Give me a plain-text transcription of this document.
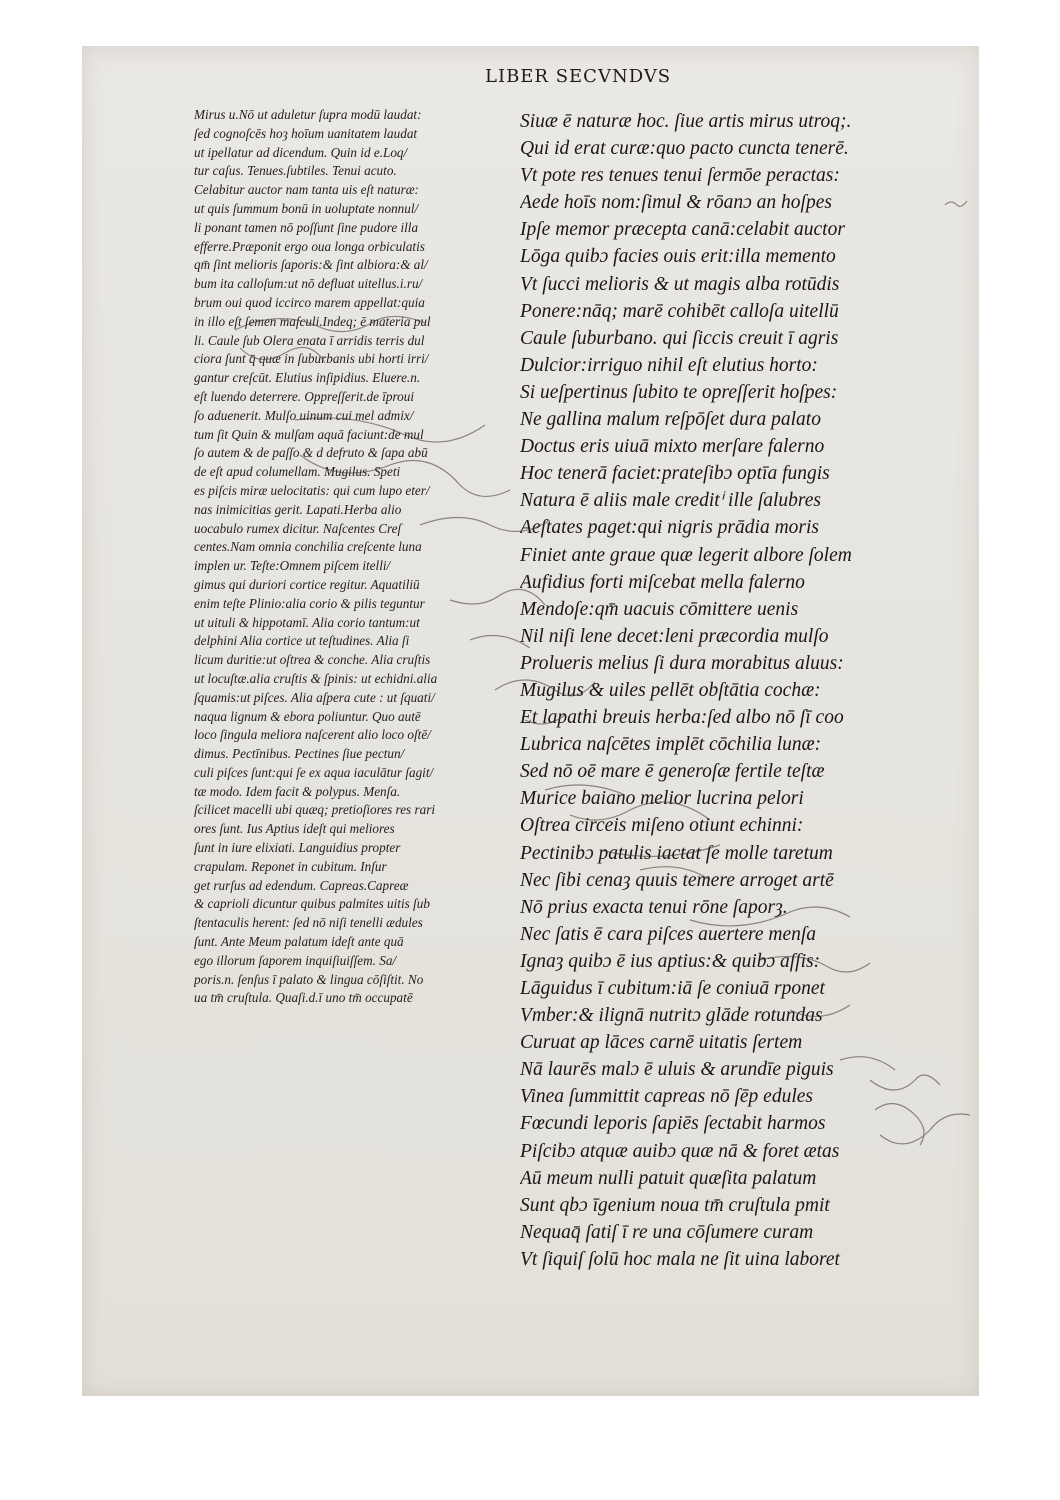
LIBER SECVNDVS
Mirus u.Nō ut aduletur ſupra modū laudat:
ſed cognoſcēs hoȝ hoīum uanitatem laudat
ut ipellatur ad dicendum. Quin id e.Loq/
tur caſus. Tenues.ſubtiles. Tenui acuto.
Celabitur auctor nam tanta uis eſt naturæ:
ut quis ſummum bonū in uoluptate nonnul/
li ponant tamen nō poſſunt ſine pudore illa
efferre.Præponit ergo oua longa orbiculatis
qm̄ ſint melioris ſaporis:& ſint albiora:& al/
bum ita calloſum:ut nō defluat uitellus.i.ru/
brum oui quod iccirco marem appellat:quia
in illo eſt ſemen maſculi.Indeq; ē materia pul
li. Caule ſub Olera enata ī arridis terris dul
ciora ſunt q̄ quæ in ſuburbanis ubi horti irri/
gantur creſcūt. Elutius inſipidius. Eluere.n.
eſt luendo deterrere. Oppreſſerit.de īproui
ſo aduenerit. Mulſo uinum cui mel admix/
tum ſit Quin & mulſam aquā faciunt:de mul
ſo autem & de paſſo & d defruto & ſapa abū
de eſt apud columellam. Mugilus. Speti
es piſcis miræ uelocitatis: qui cum lupo eter/
nas inimicitias gerit. Lapati.Herba alio
uocabulo rumex dicitur. Naſcentes Creſ
centes.Nam omnia conchilia creſcente luna
implen ur. Teſte:Omnem piſcem itelli/
gimus qui duriori cortice regitur. Aquatiliū
enim teſte Plinio:alia corio & pilis teguntur
ut uituli & hippotamī. Alia corio tantum:ut
delphini Alia cortice ut teſtudines. Alia ſi
licum duritie:ut oſtrea & conche. Alia cruſtis
ut locuſtæ.alia cruſtis & ſpinis: ut echidni.alia
ſquamis:ut piſces. Alia aſpera cute : ut ſquati/
naqua lignum & ebora poliuntur. Quo autē
loco ſingula meliora naſcerent alio loco oſtē/
dimus. Pectīnibus. Pectines ſiue pectun/
culi piſces ſunt:qui ſe ex aqua iaculātur ſagit/
tæ modo. Idem facit & polypus. Menſa.
ſcilicet macelli ubi quæq; pretioſiores res rari
ores ſunt. Ius Aptius ideſt qui meliores
ſunt in iure elixiati. Languidius propter
crapulam. Reponet in cubitum. Inſur
get rurſus ad edendum. Capreas.Capreæ
& caprioli dicuntur quibus palmites uitis ſub
ſtentaculis herent: ſed nō niſi tenelli ædules
ſunt. Ante Meum palatum ideſt ante quā
ego illorum ſaporem inquiſiuiſſem. Sa/
poris.n. ſenſus ī palato & lingua cōſiſtit. No
ua tm̄ cruſtula. Quaſi.d.ī uno tm̄ occupatē
Siuæ ē naturæ hoc. ſiue artis mirus utroq;.
Qui id erat curæ:quo pacto cuncta tenerē.
Vt pote res tenues tenui ſermōe peractas:
Aede hoīs nom:ſimul & rōanɔ an hoſpes
Ipſe memor præcepta canā:celabit auctor
Lōga quibɔ facies ouis erit:illa memento
Vt ſucci melioris & ut magis alba rotūdis
Ponere:nāq; marē cohibēt calloſa uitellū
Caule ſuburbano. qui ſiccis creuit ī agris
Dulcior:irriguo nihil eſt elutius horto:
Si ueſpertinus ſubito te opreſſerit hoſpes:
Ne gallina malum reſpōſet dura palato
Doctus eris uiuā mixto merſare falerno
Hoc tenerā faciet:prateſibɔ optīa fungis
Natura ē aliis male creditⁱ ille ſalubres
Aeſtates paget:qui nigris prādia moris
Finiet ante graue quæ legerit albore ſolem
Aufidius forti miſcebat mella falerno
Mendoſe:qm̄ uacuis cōmittere uenis
Nil niſi lene decet:leni præcordia mulſo
Prolueris melius ſi dura morabitus aluus:
Mugilus & uiles pellēt obſtātia cochæ:
Et lapathi breuis herba:ſed albo nō ſī coo
Lubrica naſcētes implēt cōchilia lunæ:
Sed nō oē mare ē generoſæ fertile teſtæ
Murice baiano melior lucrina pelori
Oſtrea circeis miſeno otiunt echinni:
Pectinibɔ patulis iactat ſe molle taretum
Nec ſibi cenaȝ quuis temere arroget artē
Nō prius exacta tenui rōne ſaporȝ.
Nec ſatis ē cara piſces auertere menſa
Ignaȝ quibɔ ē ius aptius:& quibɔ aſſis:
Lāguidus ī cubitum:iā ſe coniuā rponet
Vmber:& ilignā nutritɔ glāde rotundas
Curuat ap lāces carnē uitatis ſertem
Nā laurēs malɔ ē uluis & arundīe piguis
Vinea ſummittit capreas nō ſēp edules
Fœcundi leporis ſapiēs ſectabit harmos
Piſcibɔ atquæ auibɔ quæ nā & foret ætas
Aū meum nulli patuit quæſita palatum
Sunt qbɔ īgenium noua tm̄ cruſtula pmit
Nequaq̄ ſatiſ ī re una cōſumere curam
Vt ſiquiſ ſolū hoc mala ne ſit uina laboret
